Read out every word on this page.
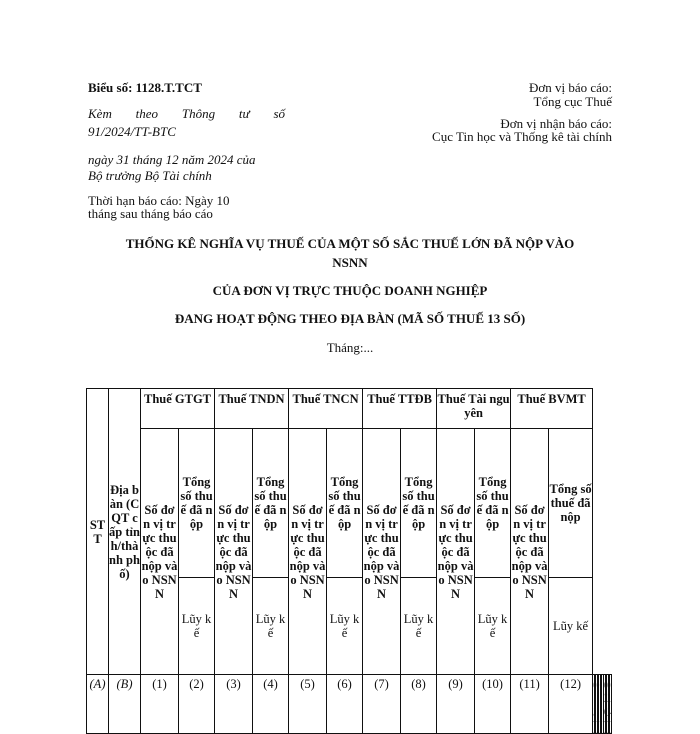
Biểu số: 1128.T.TCT
Kèm theo Thông tư số
91/2024/TT-BTC
ngày 31 tháng 12 năm 2024 của
Bộ trưởng Bộ Tài chính
Thời hạn báo cáo: Ngày 10
tháng sau tháng báo cáo
Đơn vị báo cáo:
Tổng cục Thuế
Đơn vị nhận báo cáo:
Cục Tin học và Thống kê tài chính
THỐNG KÊ NGHĨA VỤ THUẾ CỦA MỘT SỐ SẮC THUẾ LỚN ĐÃ NỘP VÀO
NSNN
CỦA ĐƠN VỊ TRỰC THUỘC DOANH NGHIỆP
ĐANG HOẠT ĐỘNG THEO ĐỊA BÀN (MÃ SỐ THUẾ 13 SỐ)
Tháng:...
STT	Địa bàn (CQT cấp tỉnh/thành phố)	Thuế GTGT		Thuế TNDN		Thuế TNCN		Thuế TTĐB		Thuế Tài nguyên		Thuế BVMT								
		Số đơn vị trực thuộc đã nộp vào NSNN	Tổng số thuế đã nộp	Số đơn vị trực thuộc đã nộp vào NSNN	Tổng số thuế đã nộp	Số đơn vị trực thuộc đã nộp vào NSNN	Tổng số thuế đã nộp	Số đơn vị trực thuộc đã nộp vào NSNN	Tổng số thuế đã nộp	Số đơn vị trực thuộc đã nộp vào NSNN	Tổng số thuế đã nộp	Số đơn vị trực thuộc đã nộp vào NSNN	Tổng số thuế đã nộp							
			Lũy kế		Lũy kế		Lũy kế		Lũy kế		Lũy kế		Lũy kế							
(A)	(B)	(1)	(2)	(3)	(4)	(5)	(6)	(7)	(8)	(9)	(10)	(11)	(12)												
